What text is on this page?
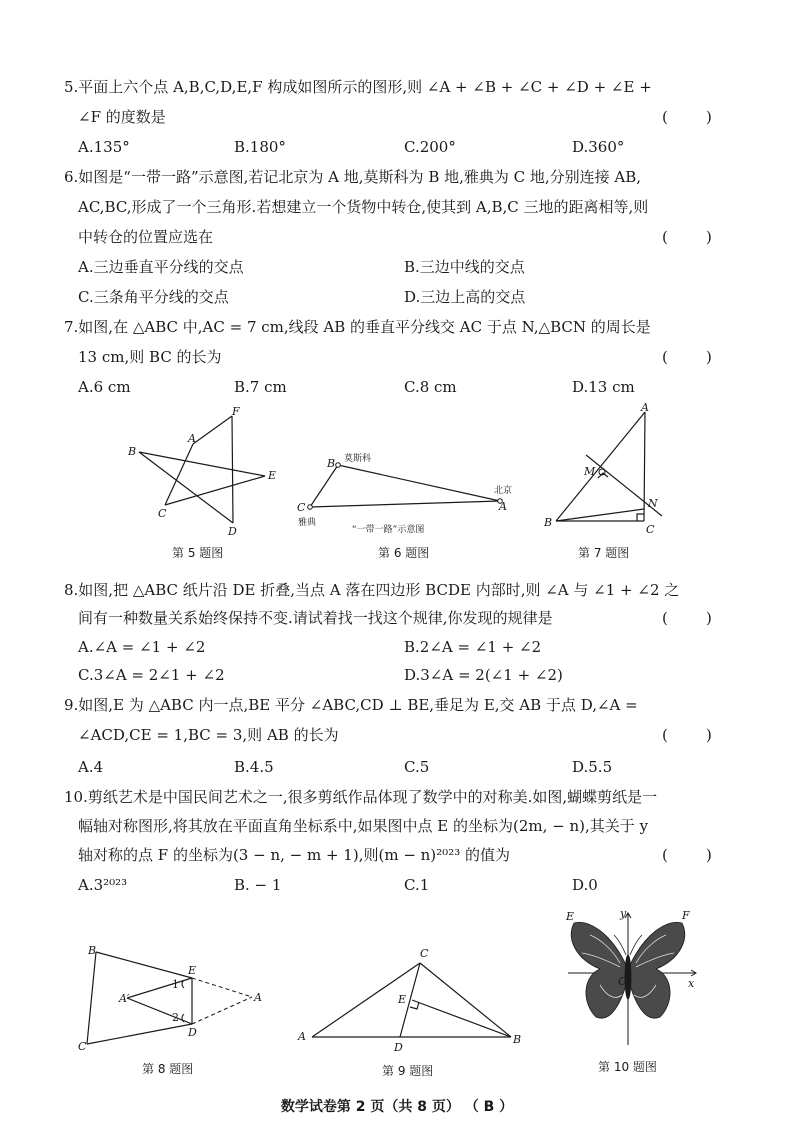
5.平面上六个点 A,B,C,D,E,F 构成如图所示的图形,则 ∠A + ∠B + ∠C + ∠D + ∠E +
∠F 的度数是	(        )
A.135°	B.180°	C.200°	D.360°
6.如图是“一带一路”示意图,若记北京为 A 地,莫斯科为 B 地,雅典为 C 地,分别连接 AB,
AC,BC,形成了一个三角形.若想建立一个货物中转仓,使其到 A,B,C 三地的距离相等,则
中转仓的位置应选在	(        )
A.三边垂直平分线的交点	B.三边中线的交点
C.三条角平分线的交点	D.三边上高的交点
7.如图,在 △ABC 中,AC = 7 cm,线段 AB 的垂直平分线交 AC 于点 N,△BCN 的周长是
13 cm,则 BC 的长为	(        )
A.6 cm	B.7 cm	C.8 cm	D.13 cm
A
B
C
D
E
F
第 5 题图
B
C	A
莫斯科
北京
雅典
“一带一路”示意图
第 6 题图
A
M
N
B
C
第 7 题图
8.如图,把 △ABC 纸片沿 DE 折叠,当点 A 落在四边形 BCDE 内部时,则 ∠A 与 ∠1 + ∠2 之
间有一种数量关系始终保持不变.请试着找一找这个规律,你发现的规律是	(        )
A.∠A = ∠1 + ∠2	B.2∠A = ∠1 + ∠2
C.3∠A = 2∠1 + ∠2	D.3∠A = 2(∠1 + ∠2)
9.如图,E 为 △ABC 内一点,BE 平分 ∠ABC,CD ⊥ BE,垂足为 E,交 AB 于点 D,∠A =
∠ACD,CE = 1,BC = 3,则 AB 的长为	(        )
A.4	B.4.5	C.5	D.5.5
10.剪纸艺术是中国民间艺术之一,很多剪纸作品体现了数学中的对称美.如图,蝴蝶剪纸是一
幅轴对称图形,将其放在平面直角坐标系中,如果图中点 E 的坐标为(2m, − n),其关于 y
轴对称的点 F 的坐标为(3 − n, − m + 1),则(m − n)²⁰²³ 的值为	(        )
A.3²⁰²³	B. − 1	C.1	D.0
B
E
1
A′	A
2
D
C
第 8 题图
C
E
A
D
B
第 9 题图
E	y	F
O	x
第 10 题图
数学试卷第 2 页（共 8 页） （ B ）
